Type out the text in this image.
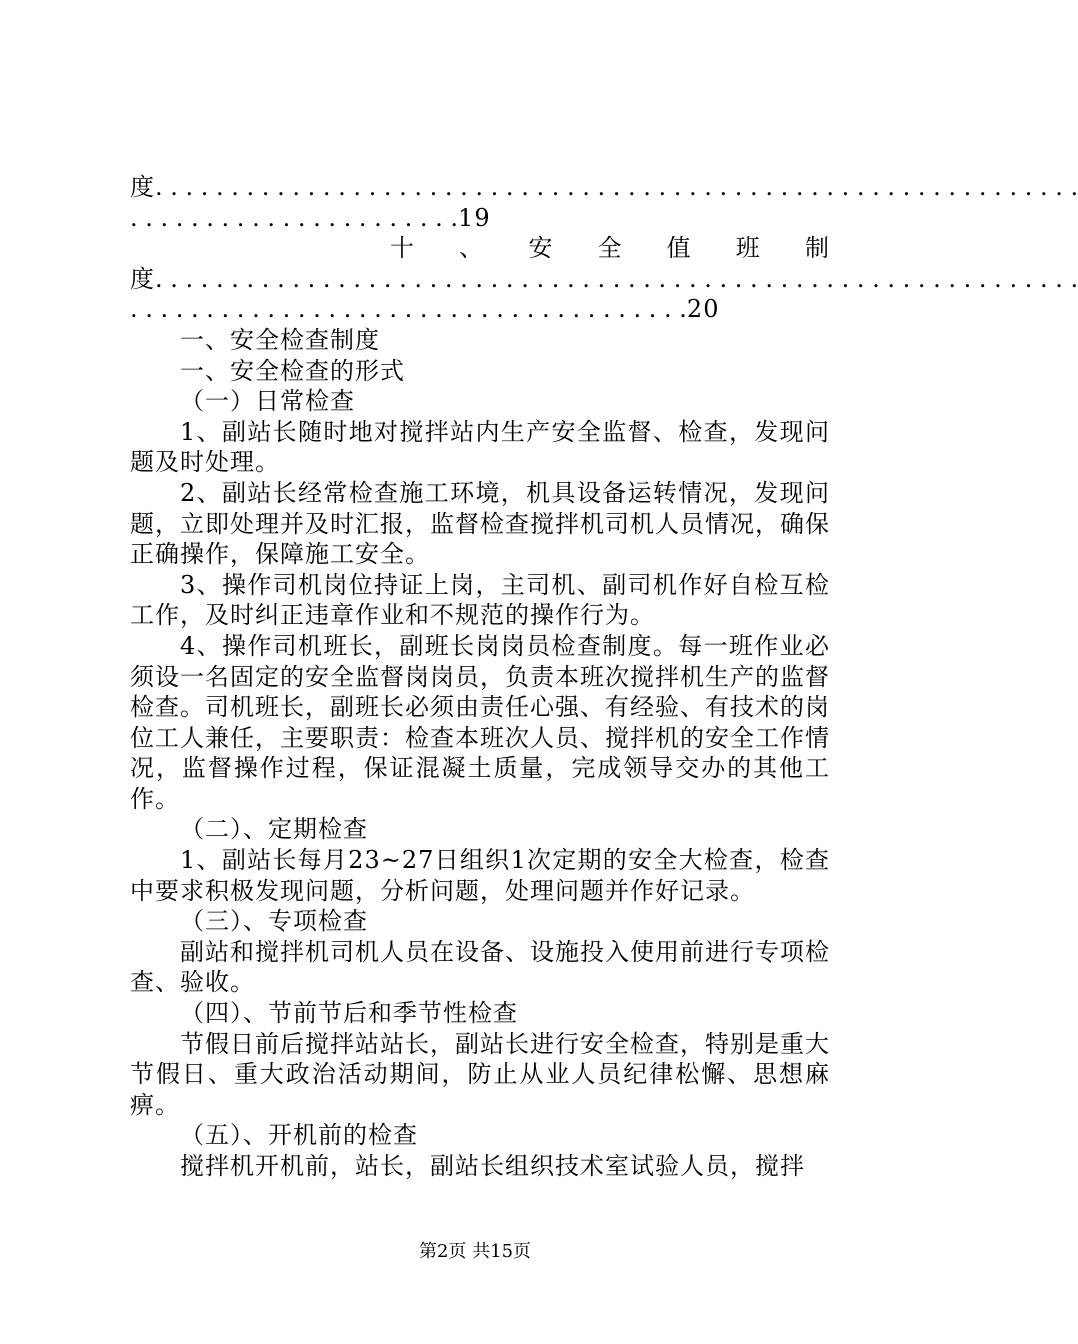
度. . . . . . . . . . . . . . . . . . . . . . . . . . . . . . . . . . . . . . . . . . . . . . . . . . . . . . . . . . . . .
. . . . . . . . . . . . . . . . . . . . . .19
十 、 安 全 值 班 制
度. . . . . . . . . . . . . . . . . . . . . . . . . . . . . . . . . . . . . . . . . . . . . . . . . . . . . . . . . . . . .
. . . . . . . . . . . . . . . . . . . . . . . . . . . . . . . . . . . . .20

一、安全检查制度

一、安全检查的形式

（一）日常检查

1、副站长随时地对搅拌站内生产安全监督、检查，发现问题及时处理。

2、副站长经常检查施工环境，机具设备运转情况，发现问题，立即处理并及时汇报，监督检查搅拌机司机人员情况，确保正确操作，保障施工安全。

3、操作司机岗位持证上岗，主司机、副司机作好自检互检工作，及时纠正违章作业和不规范的操作行为。

4、操作司机班长，副班长岗岗员检查制度。每一班作业必须设一名固定的安全监督岗岗员，负责本班次搅拌机生产的监督检查。司机班长，副班长必须由责任心强、有经验、有技术的岗位工人兼任，主要职责：检查本班次人员、搅拌机的安全工作情况，监督操作过程，保证混凝土质量，完成领导交办的其他工作。

（二）、定期检查

1、副站长每月23~27日组织1次定期的安全大检查，检查中要求积极发现问题，分析问题，处理问题并作好记录。

（三）、专项检查

副站和搅拌机司机人员在设备、设施投入使用前进行专项检查、验收。

（四）、节前节后和季节性检查

节假日前后搅拌站站长，副站长进行安全检查，特别是重大节假日、重大政治活动期间，防止从业人员纪律松懈、思想麻痹。

（五）、开机前的检查

搅拌机开机前，站长，副站长组织技术室试验人员，搅拌

第2页 共15页
